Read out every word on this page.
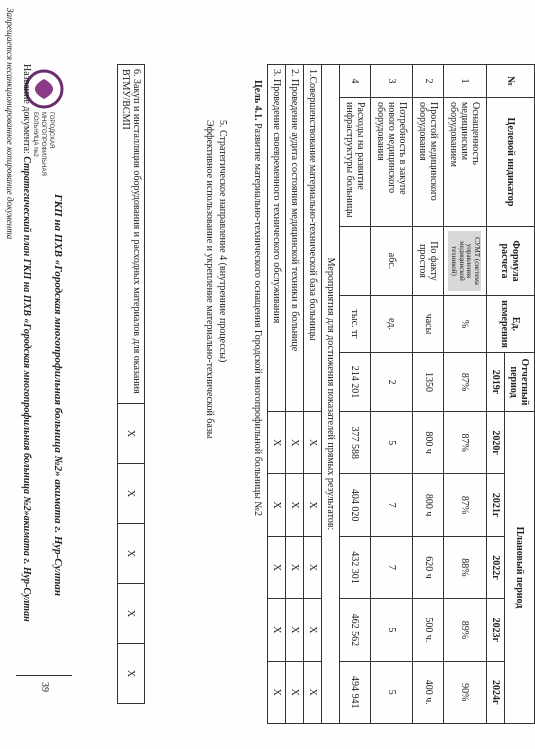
ГОРОДСКАЯ
МНОГОПРОФИЛЬНАЯ
БОЛЬНИЦА №2
ГКП на ПХВ «Городская многопрофильная больница №2» акимата г. Нур-Султан
Название документа: Стратегический план ГКП на ПХВ «Городская многопрофильная больница №2»акимата г. Нур-Султан
39
6. Закуп и инсталляция оборудования и расходных материалов для оказания ВТМУ/ВСМП	X	X	X	X	X

5. Стратегическое направление 4 (внутренние процессы)

Эффективное использование и укрепление материально-технической базы

Цель 4.1. Развитие материально-технического оснащения Городской многопрофильной больницы №2
№	Целевой индикатор	Формула расчета	Ед. измерения	Отчетный период	Плановый период				
				2019г	2020г	2021г	2022г	2023г	2024г
1	Оснащенность медицинским оборудованием	СУМТ (система управления медицинской техникой)	%	87%	87%	87%	88%	89%	90%
2	Простой медицинского оборудования	По факту простоя	часы	1350	800 ч	800 ч	620 ч	500 ч.	400 ч.
3	Потребность в закупе нового медицинского оборудования	абс.	ед.	2	5	7	7	5	5
4	Расходы на развитие инфраструктуры больницы		тыс. тг	214 201	377 588	404 020	432 301	462 562	494 941
Мероприятия для достижения показателей прямых результатов:									
1.Совершенствование материально-технической база больницы					X	X	X	X	X
2. Проведение аудита состояния медицинской техники в больнице					X	X	X	X	X
3. Проведение своевременного технического обслуживания					X	X	X	X	X
Запрещается несанкционированное копирование документа
